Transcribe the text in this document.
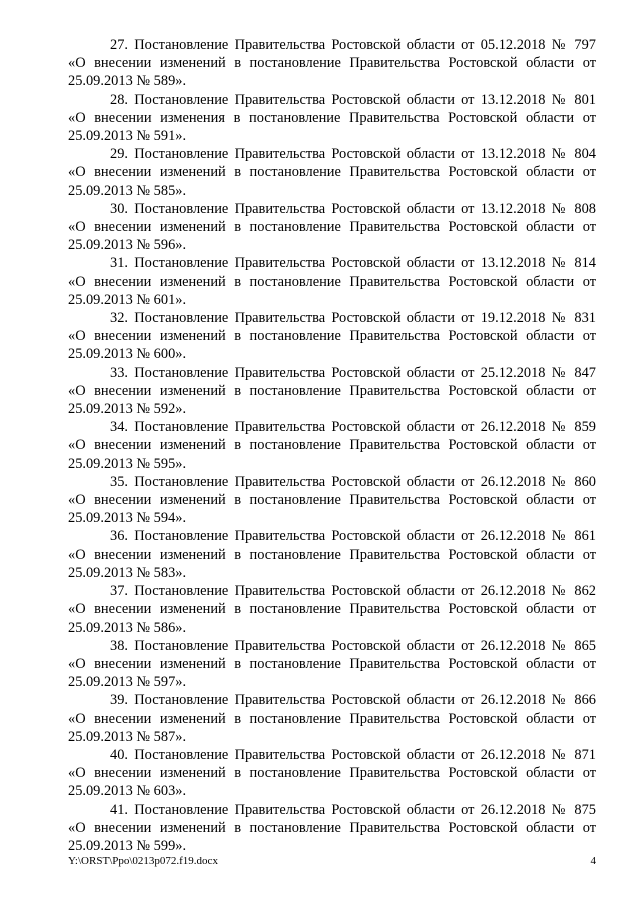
27. Постановление Правительства Ростовской области от 05.12.2018 № 797
«О внесении изменений в постановление Правительства Ростовской области от 25.09.2013 № 589».

28. Постановление Правительства Ростовской области от 13.12.2018 № 801
«О внесении изменения в постановление Правительства Ростовской области от 25.09.2013 № 591».

29. Постановление Правительства Ростовской области от 13.12.2018 № 804
«О внесении изменений в постановление Правительства Ростовской области от 25.09.2013 № 585».

30. Постановление Правительства Ростовской области от 13.12.2018 № 808
«О внесении изменений в постановление Правительства Ростовской области от 25.09.2013 № 596».

31. Постановление Правительства Ростовской области от 13.12.2018 № 814
«О внесении изменений в постановление Правительства Ростовской области от 25.09.2013 № 601».

32. Постановление Правительства Ростовской области от 19.12.2018 № 831
«О внесении изменений в постановление Правительства Ростовской области от 25.09.2013 № 600».

33. Постановление Правительства Ростовской области от 25.12.2018 № 847
«О внесении изменений в постановление Правительства Ростовской области от 25.09.2013 № 592».

34. Постановление Правительства Ростовской области от 26.12.2018 № 859
«О внесении изменений в постановление Правительства Ростовской области от 25.09.2013 № 595».

35. Постановление Правительства Ростовской области от 26.12.2018 № 860
«О внесении изменений в постановление Правительства Ростовской области от 25.09.2013 № 594».

36. Постановление Правительства Ростовской области от 26.12.2018 № 861
«О внесении изменений в постановление Правительства Ростовской области от 25.09.2013 № 583».

37. Постановление Правительства Ростовской области от 26.12.2018 № 862
«О внесении изменений в постановление Правительства Ростовской области от 25.09.2013 № 586».

38. Постановление Правительства Ростовской области от 26.12.2018 № 865
«О внесении изменений в постановление Правительства Ростовской области от 25.09.2013 № 597».

39. Постановление Правительства Ростовской области от 26.12.2018 № 866
«О внесении изменений в постановление Правительства Ростовской области от 25.09.2013 № 587».

40. Постановление Правительства Ростовской области от 26.12.2018 № 871
«О внесении изменений в постановление Правительства Ростовской области от 25.09.2013 № 603».

41. Постановление Правительства Ростовской области от 26.12.2018 № 875
«О внесении изменений в постановление Правительства Ростовской области от 25.09.2013 № 599».

Y:\ORST\Ppo\0213p072.f19.docx	4
